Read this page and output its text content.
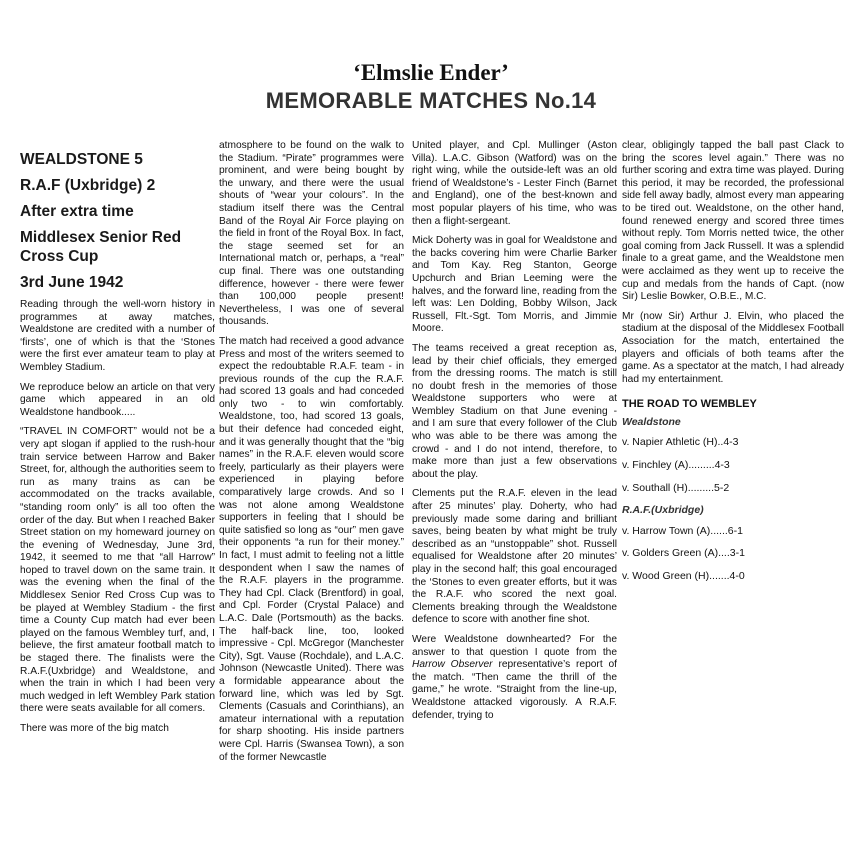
‘Elmslie Ender’
MEMORABLE MATCHES No.14
WEALDSTONE 5
R.A.F (Uxbridge) 2
After extra time
Middlesex Senior Red Cross Cup
3rd June 1942

Reading through the well-worn history in programmes at away matches, Wealdstone are credited with a number of ‘firsts’, one of which is that the ‘Stones were the first ever amateur team to play at Wembley Stadium.

We reproduce below an article on that very game which appeared in an old Wealdstone handbook.....

“TRAVEL IN COMFORT” would not be a very apt slogan if applied to the rush-hour train service between Harrow and Baker Street, for, although the authorities seem to run as many trains as can be accommodated on the tracks available, “standing room only” is all too often the order of the day. But when I reached Baker Street station on my homeward journey on the evening of Wednesday, June 3rd, 1942, it seemed to me that “all Harrow” hoped to travel down on the same train. It was the evening when the final of the Middlesex Senior Red Cross Cup was to be played at Wembley Stadium - the first time a County Cup match had ever been played on the famous Wembley turf, and, I believe, the first amateur football match to be staged there. The finalists were the R.A.F.(Uxbridge) and Wealdstone, and when the train in which I had been very much wedged in left Wembley Park station there were seats available for all comers.

There was more of the big match

atmosphere to be found on the walk to the Stadium. “Pirate” programmes were prominent, and were being bought by the unwary, and there were the usual shouts of “wear your colours”. In the stadium itself there was the Central Band of the Royal Air Force playing on the field in front of the Royal Box. In fact, the stage seemed set for an International match or, perhaps, a “real” cup final. There was one outstanding difference, however - there were fewer than 100,000 people present! Nevertheless, I was one of several thousands.

The match had received a good advance Press and most of the writers seemed to expect the redoubtable R.A.F. team - in previous rounds of the cup the R.A.F. had scored 13 goals and had conceded only two - to win comfortably. Wealdstone, too, had scored 13 goals, but their defence had conceded eight, and it was generally thought that the “big names” in the R.A.F. eleven would score freely, particularly as their players were experienced in playing before comparatively large crowds. And so I was not alone among Wealdstone supporters in feeling that I should be quite satisfied so long as “our” men gave their opponents “a run for their money.” In fact, I must admit to feeling not a little despondent when I saw the names of the R.A.F. players in the programme. They had Cpl. Clack (Brentford) in goal, and Cpl. Forder (Crystal Palace) and L.A.C. Dale (Portsmouth) as the backs. The half-back line, too, looked impressive - Cpl. McGregor (Manchester City), Sgt. Vause (Rochdale), and L.A.C. Johnson (Newcastle United). There was a formidable appearance about the forward line, which was led by Sgt. Clements (Casuals and Corinthians), an amateur international with a reputation for sharp shooting. His inside partners were Cpl. Harris (Swansea Town), a son of the former Newcastle

United player, and Cpl. Mullinger (Aston Villa). L.A.C. Gibson (Watford) was on the right wing, while the outside-left was an old friend of Wealdstone’s - Lester Finch (Barnet and England), one of the best-known and most popular players of his time, who was then a flight-sergeant.

Mick Doherty was in goal for Wealdstone and the backs covering him were Charlie Barker and Tom Kay. Reg Stanton, George Upchurch and Brian Leeming were the halves, and the forward line, reading from the left was: Len Dolding, Bobby Wilson, Jack Russell, Flt.-Sgt. Tom Morris, and Jimmie Moore.

The teams received a great reception as, lead by their chief officials, they emerged from the dressing rooms. The match is still no doubt fresh in the memories of those Wealdstone supporters who were at Wembley Stadium on that June evening - and I am sure that every follower of the Club who was able to be there was among the crowd - and I do not intend, therefore, to make more than just a few observations about the play.

Clements put the R.A.F. eleven in the lead after 25 minutes’ play. Doherty, who had previously made some daring and brilliant saves, being beaten by what might be truly described as an “unstoppable” shot. Russell equalised for Wealdstone after 20 minutes’ play in the second half; this goal encouraged the ‘Stones to even greater efforts, but it was the R.A.F. who scored the next goal. Clements breaking through the Wealdstone defence to score with another fine shot.

Were Wealdstone downhearted? For the answer to that question I quote from the Harrow Observer representative’s report of the match. “Then came the thrill of the game,” he wrote. “Straight from the line-up, Wealdstone attacked vigorously. A R.A.F. defender, trying to

clear, obligingly tapped the ball past Clack to bring the scores level again.” There was no further scoring and extra time was played. During this period, it may be recorded, the professional side fell away badly, almost every man appearing to be tired out. Wealdstone, on the other hand, found renewed energy and scored three times without reply. Tom Morris netted twice, the other goal coming from Jack Russell. It was a splendid finale to a great game, and the Wealdstone men were acclaimed as they went up to receive the cup and medals from the hands of Capt. (now Sir) Leslie Bowker, O.B.E., M.C.

Mr (now Sir) Arthur J. Elvin, who placed the stadium at the disposal of the Middlesex Football Association for the match, entertained the players and officials of both teams after the game. As a spectator at the match, I had already had my entertainment.

THE ROAD TO WEMBLEY
Wealdstone
v. Napier Athletic (H)..4-3
v. Finchley (A).........4-3
v. Southall (H).........5-2
R.A.F.(Uxbridge)
v. Harrow Town (A)......6-1
v. Golders Green (A)....3-1
v. Wood Green (H).......4-0
